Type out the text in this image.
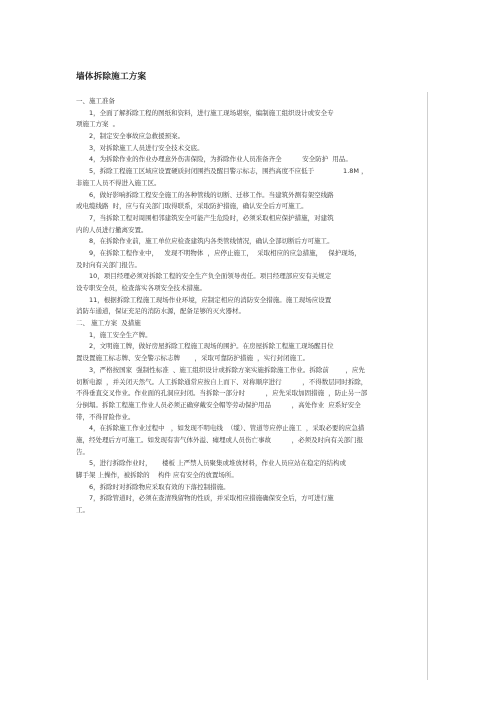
墙体拆除施工方案
一、施工准备
1，全面了解拆除工程的图纸和资料，进行施工现场堪察，编制施工组织设计或安全专
项施工方案  。
2，制定安全事故应急救援预案。
3，对拆除施工人员进行安全技术交底。
4，为拆除作业的作业办理意外伤害保险，为拆除作业人员准备齐全          安全防护  用品。
5，拆除工程施工区域应设置硬质封闭围挡及醒目警示标志，围挡高度不应低于              1.8M ，
非施工人员不得进入施工区。
6，做好影响拆除工程安全施工的各种管线的切断、迁移工作。当建筑外测有架空线路
或电缆线路  时，应与有关部门取得联系，采取防护措施，确认安全后方可施工。
7，当拆除工程对周围相邻建筑安全可能产生危险时，必须采取相应保护措施，对建筑
内的人员进行撤离安置。
8，在拆除作业前，施工单位应检查建筑内各类管线情况，确认全部切断后方可施工。
9，在拆除工程作业中，   发现不明物体  ，应停止施工，  采取相应的应急措施，   保护现场，
及时向有关部门报告。
10，项目经理必须对拆除工程的安全生产负全面领导责任。项目经理部应安有关规定
设专职安全员，检查落实各项安全技术措施。
11，根据拆除工程施工现场作业环境，应制定相应的消防安全措施。施工现场应设置
消防车通道，保证充足的消防水源，配备足够的灭火器材。
二、 施工方案  及措施
1，施工安全生产牌。
2，文明施工牌，做好房屋拆除工程施工现场的围护。在房屋拆除工程施工现场醒目位
置设置施工标志牌、安全警示标志牌       ，采取可靠防护措施  ，实行封闭施工。
3，严格按国家  强制性标准  、施工组织设计或拆除方案实施拆除施工作业。拆除前        ，应先
切断电源  ，并关闭天然气。人工拆除通常应按自上而下、对称顺序进行          ，不得数层同时拆除，
不得垂直交叉作业。作业面的孔洞应封闭。当拆除一部分时          ，应先采取加固措施  ，防止另一部
分倒塌。拆除工程施工作业人员必须正确穿戴安全帽等劳动保护用品          ，高处作业  应系好安全
带，不得冒险作业。
4，在拆除施工作业过程中   ，如发现不明电线  （缆）、管道等应停止施工  ，采取必要的应急措
施，经处理后方可施工。如发现有害气体外溢、瘫埋或人员伤亡事故          ，必须及时向有关部门报
告。
5，进行拆除作业时，     楼板 上严禁人员聚集或堆放材料，作业人员应站在稳定的结构或
脚手架 上操作，被拆除的    构件 应有安全的放置场所。
6，拆除时对拆除物应采取有效的下落控制措施。
7，拆除管道时，必须在查清残留物的性质，并采取相应措施确保安全后，方可进行施
工。
